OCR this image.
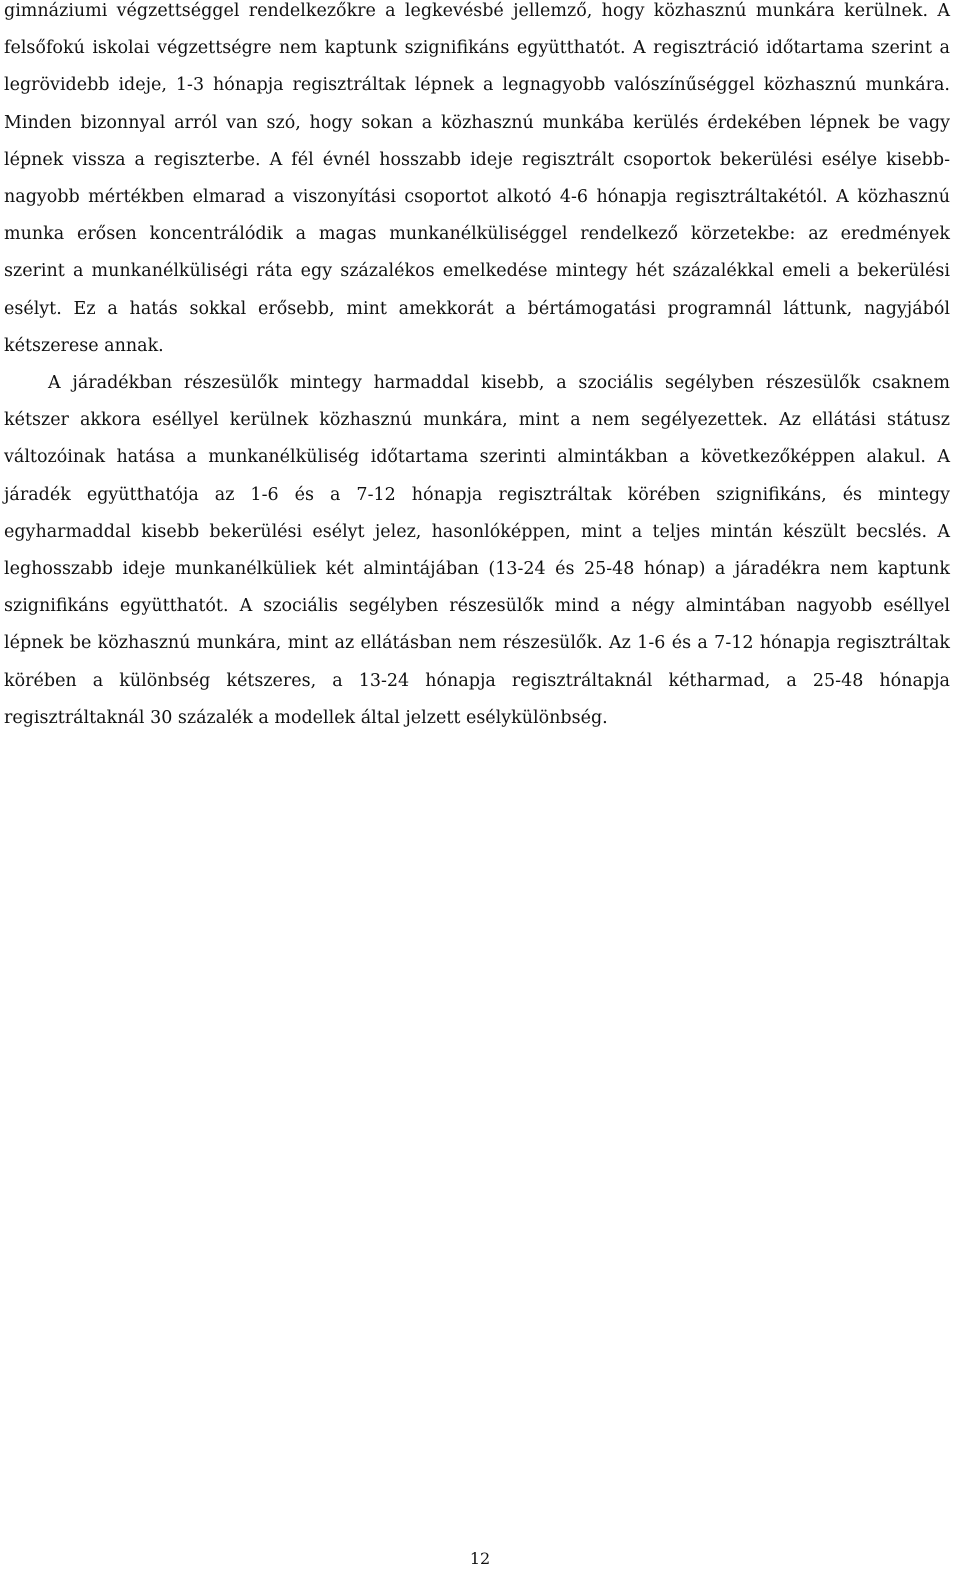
gimnáziumi végzettséggel rendelkezőkre a legkevésbé jellemző, hogy közhasznú munkára kerülnek. A felsőfokú iskolai végzettségre nem kaptunk szignifikáns együtthatót. A regisztráció időtartama szerint a legrövidebb ideje, 1-3 hónapja regisztráltak lépnek a legnagyobb valószínűséggel közhasznú munkára. Minden bizonnyal arról van szó, hogy sokan a közhasznú munkába kerülés érdekében lépnek be vagy lépnek vissza a regiszterbe. A fél évnél hosszabb ideje regisztrált csoportok bekerülési esélye kisebb-nagyobb mértékben elmarad a viszonyítási csoportot alkotó 4-6 hónapja regisztráltakétól. A közhasznú munka erősen koncentrálódik a magas munkanélküliséggel rendelkező körzetekbe: az eredmények szerint a munkanélküliségi ráta egy százalékos emelkedése mintegy hét százalékkal emeli a bekerülési esélyt. Ez a hatás sokkal erősebb, mint amekkorát a bértámogatási programnál láttunk, nagyjából kétszerese annak.

A járadékban részesülők mintegy harmaddal kisebb, a szociális segélyben részesülők csaknem kétszer akkora eséllyel kerülnek közhasznú munkára, mint a nem segélyezettek. Az ellátási státusz változóinak hatása a munkanélküliség időtartama szerinti almintákban a következőképpen alakul. A járadék együtthatója az 1-6 és a 7-12 hónapja regisztráltak körében szignifikáns, és mintegy egyharmaddal kisebb bekerülési esélyt jelez, hasonlóképpen, mint a teljes mintán készült becslés. A leghosszabb ideje munkanélküliek két almintájában (13-24 és 25-48 hónap) a járadékra nem kaptunk szignifikáns együtthatót. A szociális segélyben részesülők mind a négy almintában nagyobb eséllyel lépnek be közhasznú munkára, mint az ellátásban nem részesülők. Az 1-6 és a 7-12 hónapja regisztráltak körében a különbség kétszeres, a 13-24 hónapja regisztráltaknál kétharmad, a 25-48 hónapja regisztráltaknál 30 százalék a modellek által jelzett esélykülönbség.

12
